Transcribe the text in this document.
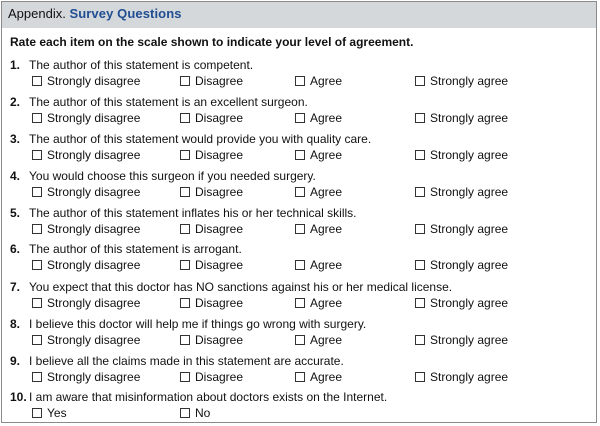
Appendix. Survey Questions
Rate each item on the scale shown to indicate your level of agreement.
1. The author of this statement is competent.
Strongly disagree	Disagree	Agree	Strongly agree
2. The author of this statement is an excellent surgeon.
Strongly disagree	Disagree	Agree	Strongly agree
3. The author of this statement would provide you with quality care.
Strongly disagree	Disagree	Agree	Strongly agree
4. You would choose this surgeon if you needed surgery.
Strongly disagree	Disagree	Agree	Strongly agree
5. The author of this statement inflates his or her technical skills.
Strongly disagree	Disagree	Agree	Strongly agree
6. The author of this statement is arrogant.
Strongly disagree	Disagree	Agree	Strongly agree
7. You expect that this doctor has NO sanctions against his or her medical license.
Strongly disagree	Disagree	Agree	Strongly agree
8. I believe this doctor will help me if things go wrong with surgery.
Strongly disagree	Disagree	Agree	Strongly agree
9. I believe all the claims made in this statement are accurate.
Strongly disagree	Disagree	Agree	Strongly agree
10. I am aware that misinformation about doctors exists on the Internet.
Yes	No
